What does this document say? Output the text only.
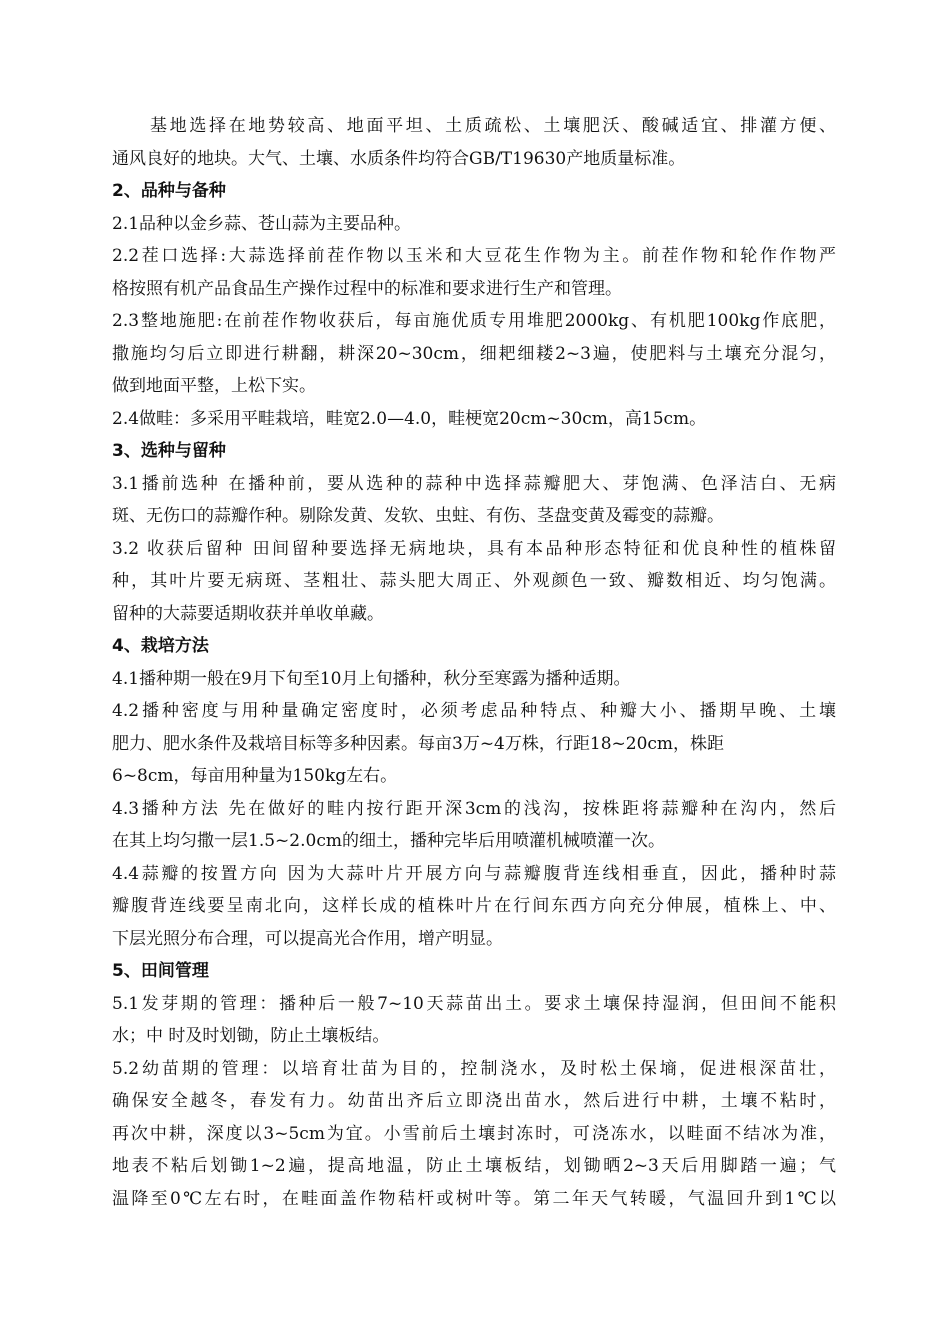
基地选择在地势较高、地面平坦、土质疏松、土壤肥沃、酸碱适宜、排灌方便、
通风良好的地块。大气、土壤、水质条件均符合GB/T19630产地质量标准。
2、品种与备种
2.1品种以金乡蒜、苍山蒜为主要品种。
2.2茬口选择:大蒜选择前茬作物以玉米和大豆花生作物为主。前茬作物和轮作作物严
格按照有机产品食品生产操作过程中的标准和要求进行生产和管理。
2.3整地施肥:在前茬作物收获后，每亩施优质专用堆肥2000kg、有机肥100kg作底肥，
撒施均匀后立即进行耕翻，耕深20~30cm，细耙细耧2~3遍，使肥料与土壤充分混匀，
做到地面平整，上松下实。
2.4做畦：多采用平畦栽培，畦宽2.0—4.0，畦梗宽20cm~30cm，高15cm。
3、选种与留种
3.1播前选种 在播种前，要从选种的蒜种中选择蒜瓣肥大、芽饱满、色泽洁白、无病
斑、无伤口的蒜瓣作种。剔除发黄、发软、虫蛀、有伤、茎盘变黄及霉变的蒜瓣。
3.2 收获后留种 田间留种要选择无病地块，具有本品种形态特征和优良种性的植株留
种，其叶片要无病斑、茎粗壮、蒜头肥大周正、外观颜色一致、瓣数相近、均匀饱满。
留种的大蒜要适期收获并单收单藏。
4、栽培方法
4.1播种期一般在9月下旬至10月上旬播种，秋分至寒露为播种适期。
4.2播种密度与用种量确定密度时，必须考虑品种特点、种瓣大小、播期早晚、土壤
肥力、肥水条件及栽培目标等多种因素。每亩3万~4万株，行距18~20cm，株距
6~8cm，每亩用种量为150kg左右。
4.3播种方法 先在做好的畦内按行距开深3cm的浅沟，按株距将蒜瓣种在沟内，然后
在其上均匀撒一层1.5~2.0cm的细土，播种完毕后用喷灌机械喷灌一次。
4.4蒜瓣的按置方向 因为大蒜叶片开展方向与蒜瓣腹背连线相垂直，因此，播种时蒜
瓣腹背连线要呈南北向，这样长成的植株叶片在行间东西方向充分伸展，植株上、中、
下层光照分布合理，可以提高光合作用，增产明显。
5、田间管理
5.1发芽期的管理：播种后一般7~10天蒜苗出土。要求土壤保持湿润，但田间不能积
水；中 时及时划锄，防止土壤板结。
5.2幼苗期的管理：以培育壮苗为目的，控制浇水，及时松土保墒，促进根深苗壮，
确保安全越冬，春发有力。幼苗出齐后立即浇出苗水，然后进行中耕，土壤不粘时，
再次中耕，深度以3~5cm为宜。小雪前后土壤封冻时，可浇冻水，以畦面不结冰为准，
地表不粘后划锄1~2遍，提高地温，防止土壤板结，划锄晒2~3天后用脚踏一遍；气
温降至0℃左右时，在畦面盖作物秸杆或树叶等。第二年天气转暖，气温回升到1℃以
